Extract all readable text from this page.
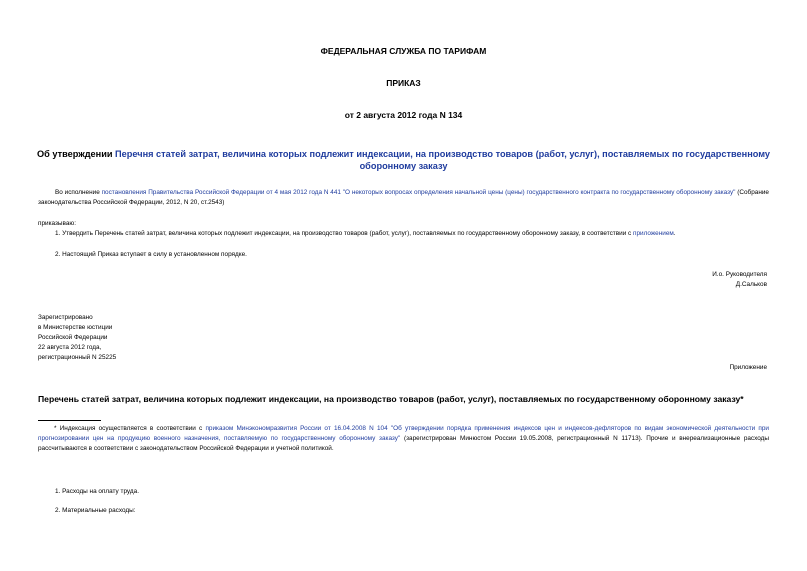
ФЕДЕРАЛЬНАЯ СЛУЖБА ПО ТАРИФАМ
ПРИКАЗ
от 2 августа 2012 года N 134
Об утверждении Перечня статей затрат, величина которых подлежит индексации, на производство товаров (работ, услуг), поставляемых по государственному
оборонному заказу
Во исполнение постановления Правительства Российской Федерации от 4 мая 2012 года N 441 "О некоторых вопросах определения начальной цены (цены) государственного контракта по государственному оборонному заказу" (Собрание законодательства Российской Федерации, 2012, N 20, ст.2543)
приказываю:
1. Утвердить Перечень статей затрат, величина которых подлежит индексации, на производство товаров (работ, услуг), поставляемых по государственному оборонному заказу, в соответствии с приложением.
2. Настоящий Приказ вступает в силу в установленном порядке.
И.о. Руководителя
Д.Сальков
Зарегистрировано
в Министерстве юстиции
Российской Федерации
22 августа 2012 года,
регистрационный N 25225
Приложение
Перечень статей затрат, величина которых подлежит индексации, на производство товаров (работ, услуг), поставляемых по государственному оборонному заказу*
* Индексация осуществляется в соответствии с приказом Минэкономразвития России от 16.04.2008 N 104 "Об утверждении порядка применения индексов цен и индексов-дефляторов по видам экономической деятельности при прогнозировании цен на продукцию военного назначения, поставляемую по государственному оборонному заказу" (зарегистрирован Минюстом России 19.05.2008, регистрационный N 11713). Прочие и внереализационные расходы рассчитываются в соответствии с законодательством Российской Федерации и учетной политикой.
1. Расходы на оплату труда.
2. Материальные расходы:
